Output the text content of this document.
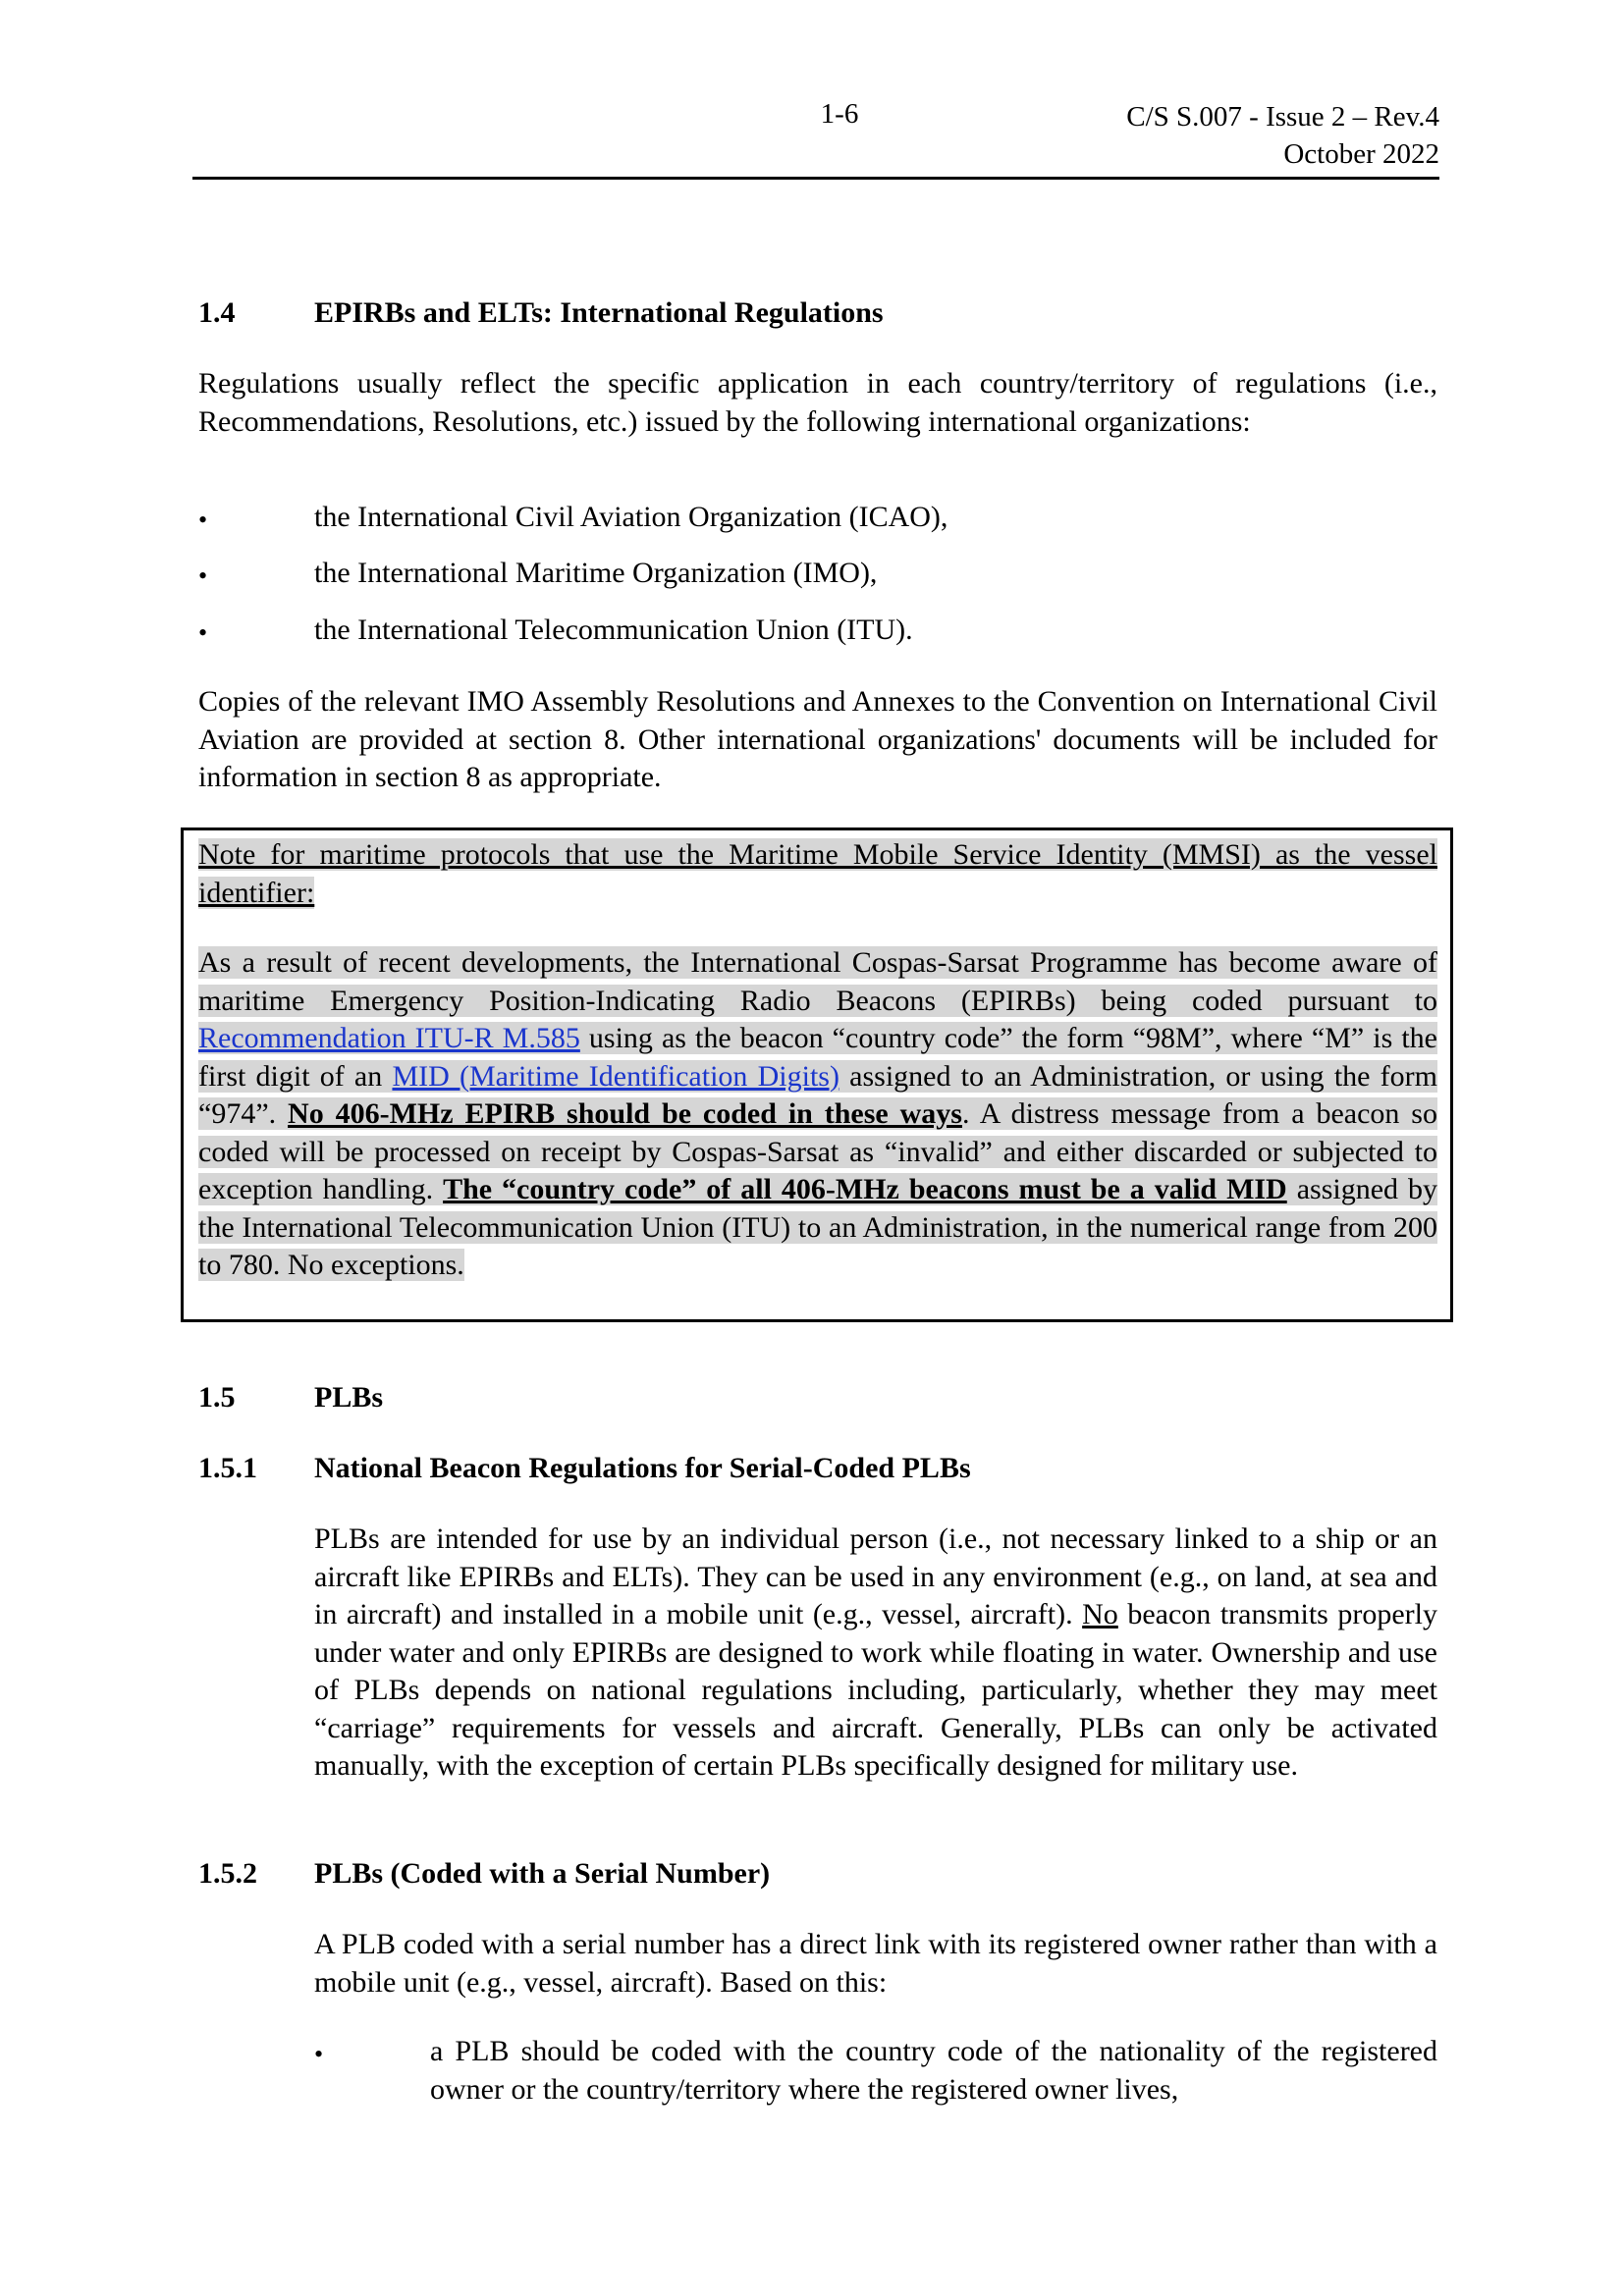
1-6	C/S S.007 - Issue 2 – Rev.4
October 2022
1.4	EPIRBs and ELTs: International Regulations
Regulations usually reflect the specific application in each country/territory of regulations (i.e., Recommendations, Resolutions, etc.) issued by the following international organizations:
•	the International Civil Aviation Organization (ICAO),
•	the International Maritime Organization (IMO),
•	the International Telecommunication Union (ITU).
Copies of the relevant IMO Assembly Resolutions and Annexes to the Convention on International Civil Aviation are provided at section 8. Other international organizations' documents will be included for information in section 8 as appropriate.
Note for maritime protocols that use the Maritime Mobile Service Identity (MMSI) as the vessel identifier:
As a result of recent developments, the International Cospas-Sarsat Programme has become aware of maritime Emergency Position-Indicating Radio Beacons (EPIRBs) being coded pursuant to Recommendation ITU-R M.585 using as the beacon “country code” the form “98M”, where “M” is the first digit of an MID (Maritime Identification Digits) assigned to an Administration, or using the form “974”. No 406-MHz EPIRB should be coded in these ways. A distress message from a beacon so coded will be processed on receipt by Cospas-Sarsat as “invalid” and either discarded or subjected to exception handling. The “country code” of all 406-MHz beacons must be a valid MID assigned by the International Telecommunication Union (ITU) to an Administration, in the numerical range from 200 to 780. No exceptions.
1.5	PLBs
1.5.1 National Beacon Regulations for Serial-Coded PLBs
PLBs are intended for use by an individual person (i.e., not necessary linked to a ship or an aircraft like EPIRBs and ELTs). They can be used in any environment (e.g., on land, at sea and in aircraft) and installed in a mobile unit (e.g., vessel, aircraft). No beacon transmits properly under water and only EPIRBs are designed to work while floating in water. Ownership and use of PLBs depends on national regulations including, particularly, whether they may meet “carriage” requirements for vessels and aircraft. Generally, PLBs can only be activated manually, with the exception of certain PLBs specifically designed for military use.
1.5.2 PLBs (Coded with a Serial Number)
A PLB coded with a serial number has a direct link with its registered owner rather than with a mobile unit (e.g., vessel, aircraft). Based on this:
•	a PLB should be coded with the country code of the nationality of the registered owner or the country/territory where the registered owner lives,
